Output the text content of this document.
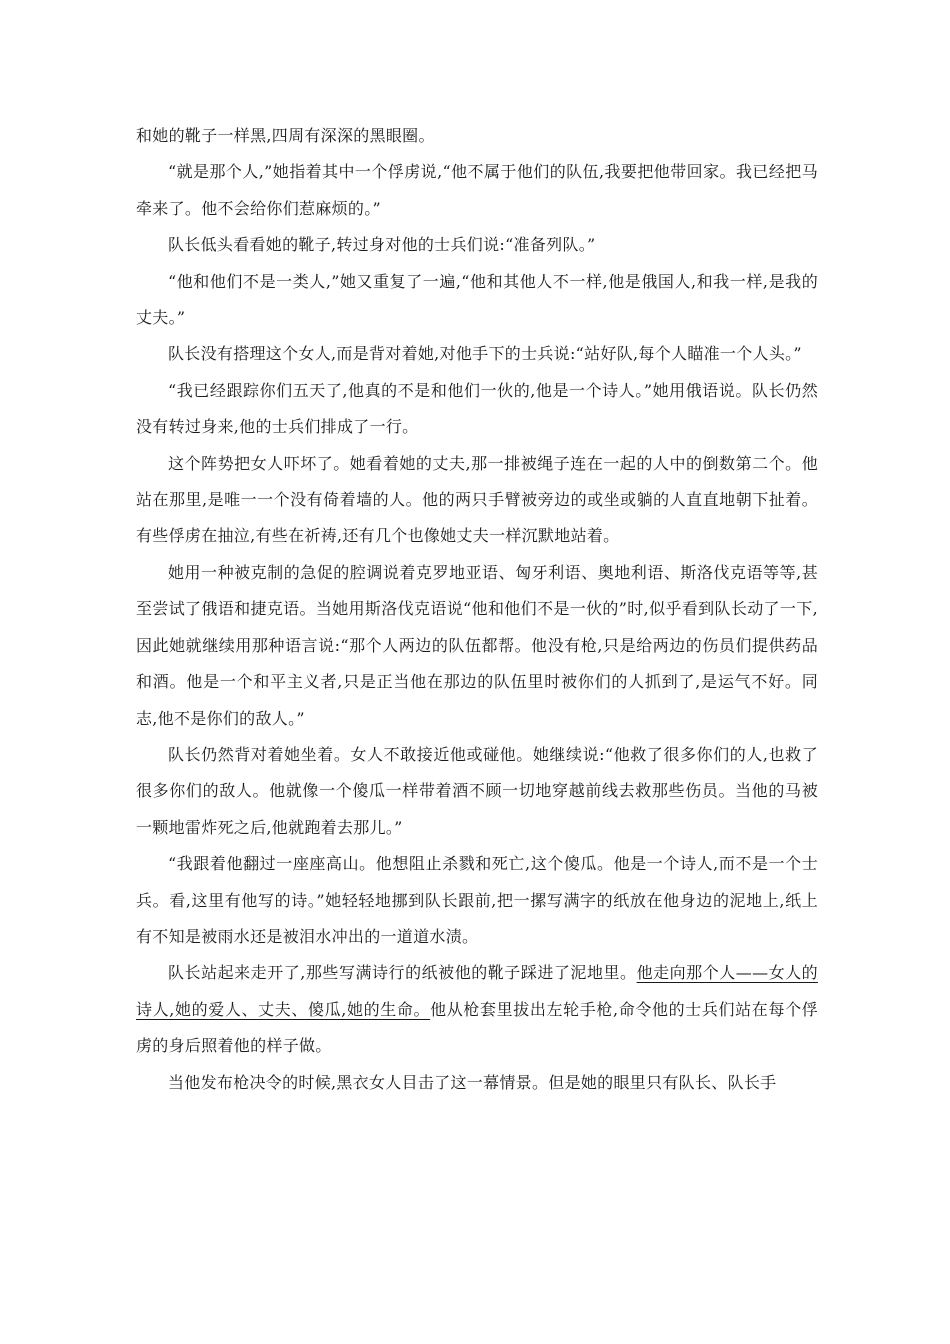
和她的靴子一样黑,四周有深深的黑眼圈。

“就是那个人,”她指着其中一个俘虏说,“他不属于他们的队伍,我要把他带回家。我已经把马牵来了。他不会给你们惹麻烦的。”

队长低头看看她的靴子,转过身对他的士兵们说:“准备列队。”

“他和他们不是一类人,”她又重复了一遍,“他和其他人不一样,他是俄国人,和我一样,是我的丈夫。”

队长没有搭理这个女人,而是背对着她,对他手下的士兵说:“站好队,每个人瞄准一个人头。”

“我已经跟踪你们五天了,他真的不是和他们一伙的,他是一个诗人。”她用俄语说。队长仍然没有转过身来,他的士兵们排成了一行。

这个阵势把女人吓坏了。她看着她的丈夫,那一排被绳子连在一起的人中的倒数第二个。他站在那里,是唯一一个没有倚着墙的人。他的两只手臂被旁边的或坐或躺的人直直地朝下扯着。有些俘虏在抽泣,有些在祈祷,还有几个也像她丈夫一样沉默地站着。

她用一种被克制的急促的腔调说着克罗地亚语、匈牙利语、奥地利语、斯洛伐克语等等,甚至尝试了俄语和捷克语。当她用斯洛伐克语说“他和他们不是一伙的”时,似乎看到队长动了一下,因此她就继续用那种语言说:“那个人两边的队伍都帮。他没有枪,只是给两边的伤员们提供药品和酒。他是一个和平主义者,只是正当他在那边的队伍里时被你们的人抓到了,是运气不好。同志,他不是你们的敌人。”

队长仍然背对着她坐着。女人不敢接近他或碰他。她继续说:“他救了很多你们的人,也救了很多你们的敌人。他就像一个傻瓜一样带着酒不顾一切地穿越前线去救那些伤员。当他的马被一颗地雷炸死之后,他就跑着去那儿。”

“我跟着他翻过一座座高山。他想阻止杀戮和死亡,这个傻瓜。他是一个诗人,而不是一个士兵。看,这里有他写的诗。”她轻轻地挪到队长跟前,把一摞写满字的纸放在他身边的泥地上,纸上有不知是被雨水还是被泪水冲出的一道道水渍。

队长站起来走开了,那些写满诗行的纸被他的靴子踩进了泥地里。他走向那个人——女人的诗人,她的爱人、丈夫、傻瓜,她的生命。他从枪套里拔出左轮手枪,命令他的士兵们站在每个俘虏的身后照着他的样子做。

当他发布枪决令的时候,黑衣女人目击了这一幕情景。但是她的眼里只有队长、队长手
